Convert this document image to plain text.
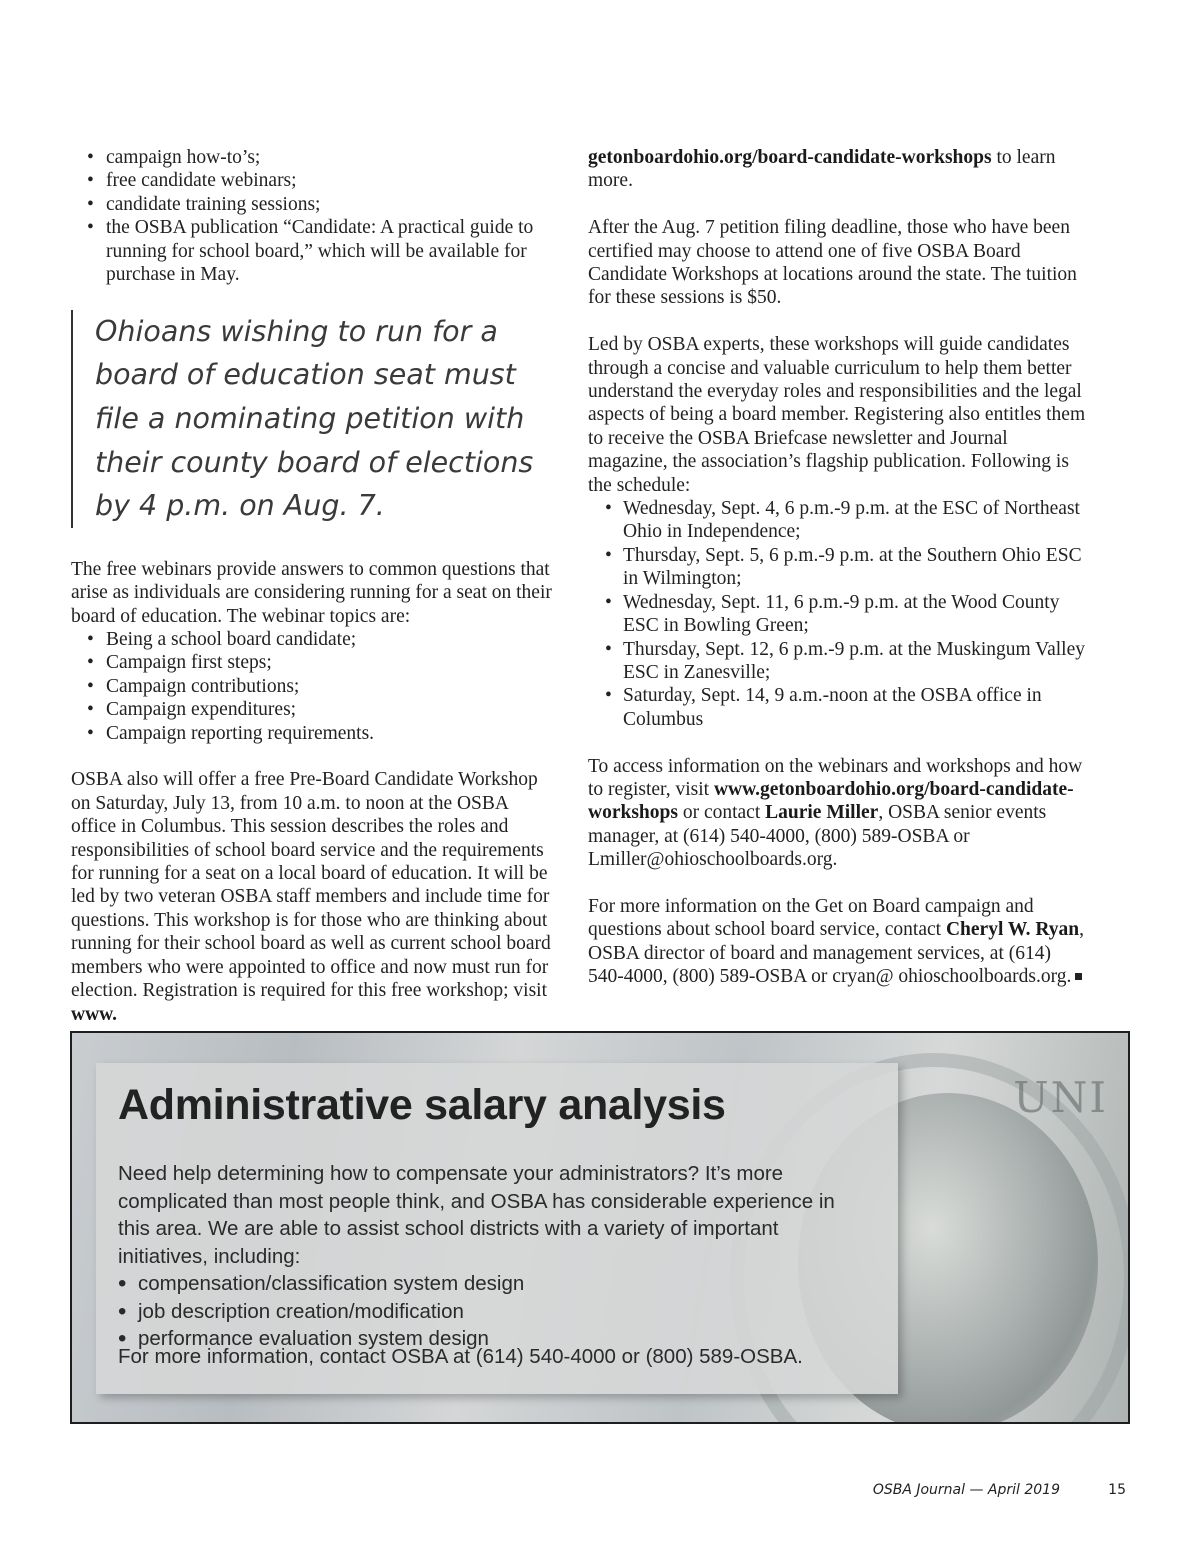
• campaign how-to’s;
• free candidate webinars;
• candidate training sessions;
• the OSBA publication “Candidate: A practical guide to running for school board,” which will be available for purchase in May.
Ohioans wishing to run for a board of education seat must file a nominating petition with their county board of elections by 4 p.m. on Aug. 7.

The free webinars provide answers to common questions that arise as individuals are considering running for a seat on their board of education. The webinar topics are:

• Being a school board candidate;
• Campaign first steps;
• Campaign contributions;
• Campaign expenditures;
• Campaign reporting requirements.

OSBA also will offer a free Pre-Board Candidate Workshop on Saturday, July 13, from 10 a.m. to noon at the OSBA office in Columbus. This session describes the roles and responsibilities of school board service and the requirements for running for a seat on a local board of education. It will be led by two veteran OSBA staff members and include time for questions. This workshop is for those who are thinking about running for their school board as well as current school board members who were appointed to office and now must run for election. Registration is required for this free workshop; visit www.

getonboardohio.org/board-candidate-workshops to learn more.

After the Aug. 7 petition filing deadline, those who have been certified may choose to attend one of five OSBA Board Candidate Workshops at locations around the state. The tuition for these sessions is $50.

Led by OSBA experts, these workshops will guide candidates through a concise and valuable curriculum to help them better understand the everyday roles and responsibilities and the legal aspects of being a board member. Registering also entitles them to receive the OSBA Briefcase newsletter and Journal magazine, the association’s flagship publication. Following is the schedule:

• Wednesday, Sept. 4, 6 p.m.-9 p.m. at the ESC of Northeast Ohio in Independence;
• Thursday, Sept. 5, 6 p.m.-9 p.m. at the Southern Ohio ESC in Wilmington;
• Wednesday, Sept. 11, 6 p.m.-9 p.m. at the Wood County ESC in Bowling Green;
• Thursday, Sept. 12, 6 p.m.-9 p.m. at the Muskingum Valley ESC in Zanesville;
• Saturday, Sept. 14, 9 a.m.-noon at the OSBA office in Columbus

To access information on the webinars and workshops and how to register, visit www.getonboardohio.org/board-candidate-workshops or contact Laurie Miller, OSBA senior events manager, at (614) 540-4000, (800) 589-OSBA or Lmiller@ohioschoolboards.org.

For more information on the Get on Board campaign and questions about school board service, contact Cheryl W. Ryan, OSBA director of board and management services, at (614) 540-4000, (800) 589-OSBA or cryan@ ohioschoolboards.org.

UNI
Administrative salary analysis
Need help determining how to compensate your administrators? It’s more complicated than most people think, and OSBA has considerable experience in this area. We are able to assist school districts with a variety of important initiatives, including:
• compensation/classification system design
• job description creation/modification
• performance evaluation system design
For more information, contact OSBA at (614) 540-4000 or (800) 589-OSBA.
OSBA Journal — April 2019	15
